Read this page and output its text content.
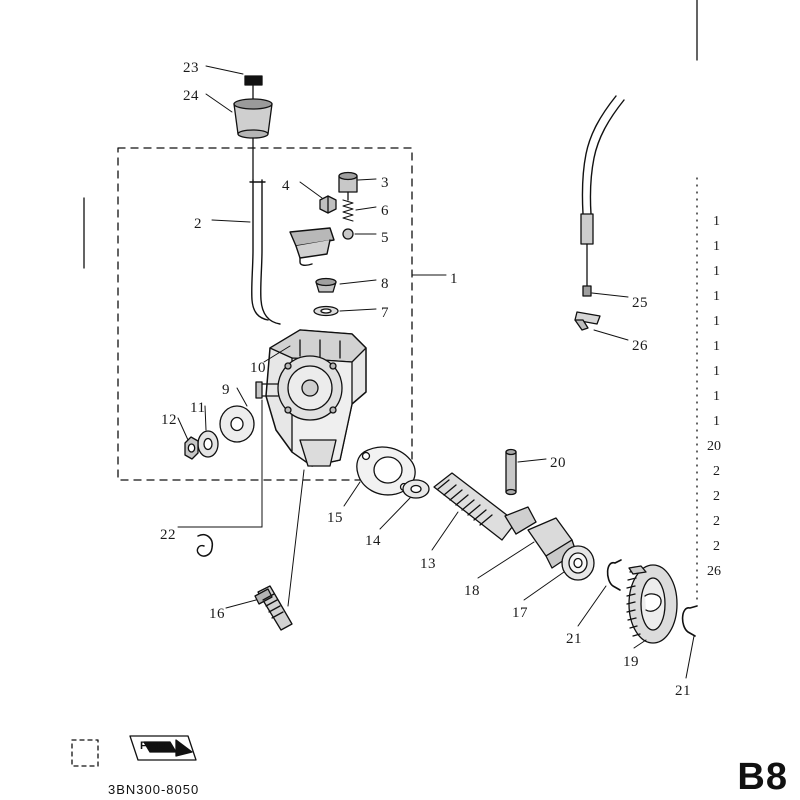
23
24
3
4
6
2
5
1
8
7
25
26
10
9
11
12
20
15
14
22
13
18
17
21
16
19
21
1
1
1
1
1
1
1
1
1
20
2
2
2
2
26
FWD
3BN300-8050	B8
